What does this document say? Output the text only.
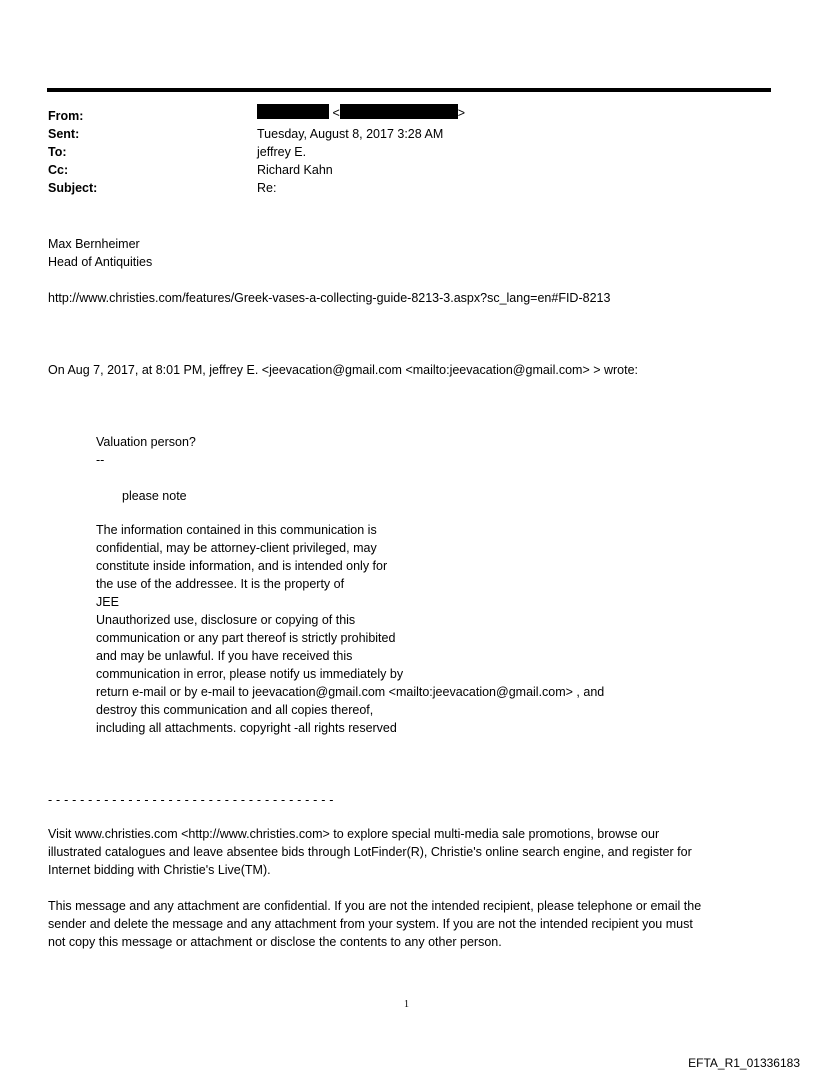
From:	<	>
Sent:	Tuesday, August 8, 2017 3:28 AM
To:	jeffrey E.
Cc:	Richard Kahn
Subject:	Re:
Max Bernheimer
Head of Antiquities
http://www.christies.com/features/Greek-vases-a-collecting-guide-8213-3.aspx?sc_lang=en#FID-8213
On Aug 7, 2017, at 8:01 PM, jeffrey E. <jeevacation@gmail.com <mailto:jeevacation@gmail.com> > wrote:
Valuation person?
--
please note
The information contained in this communication is
confidential, may be attorney-client privileged, may
constitute inside information, and is intended only for
the use of the addressee. It is the property of
JEE
Unauthorized use, disclosure or copying of this
communication or any part thereof is strictly prohibited
and may be unlawful. If you have received this
communication in error, please notify us immediately by
return e-mail or by e-mail to jeevacation@gmail.com <mailto:jeevacation@gmail.com> , and
destroy this communication and all copies thereof,
including all attachments. copyright -all rights reserved
- - - - - - - - - - - - - - - - - - - - - - - - - - - - - - - - - - - -
Visit www.christies.com <http://www.christies.com> to explore special multi-media sale promotions, browse our
illustrated catalogues and leave absentee bids through LotFinder(R), Christie's online search engine, and register for
Internet bidding with Christie's Live(TM).
This message and any attachment are confidential. If you are not the intended recipient, please telephone or email the
sender and delete the message and any attachment from your system. If you are not the intended recipient you must
not copy this message or attachment or disclose the contents to any other person.
1
EFTA_R1_01336183
